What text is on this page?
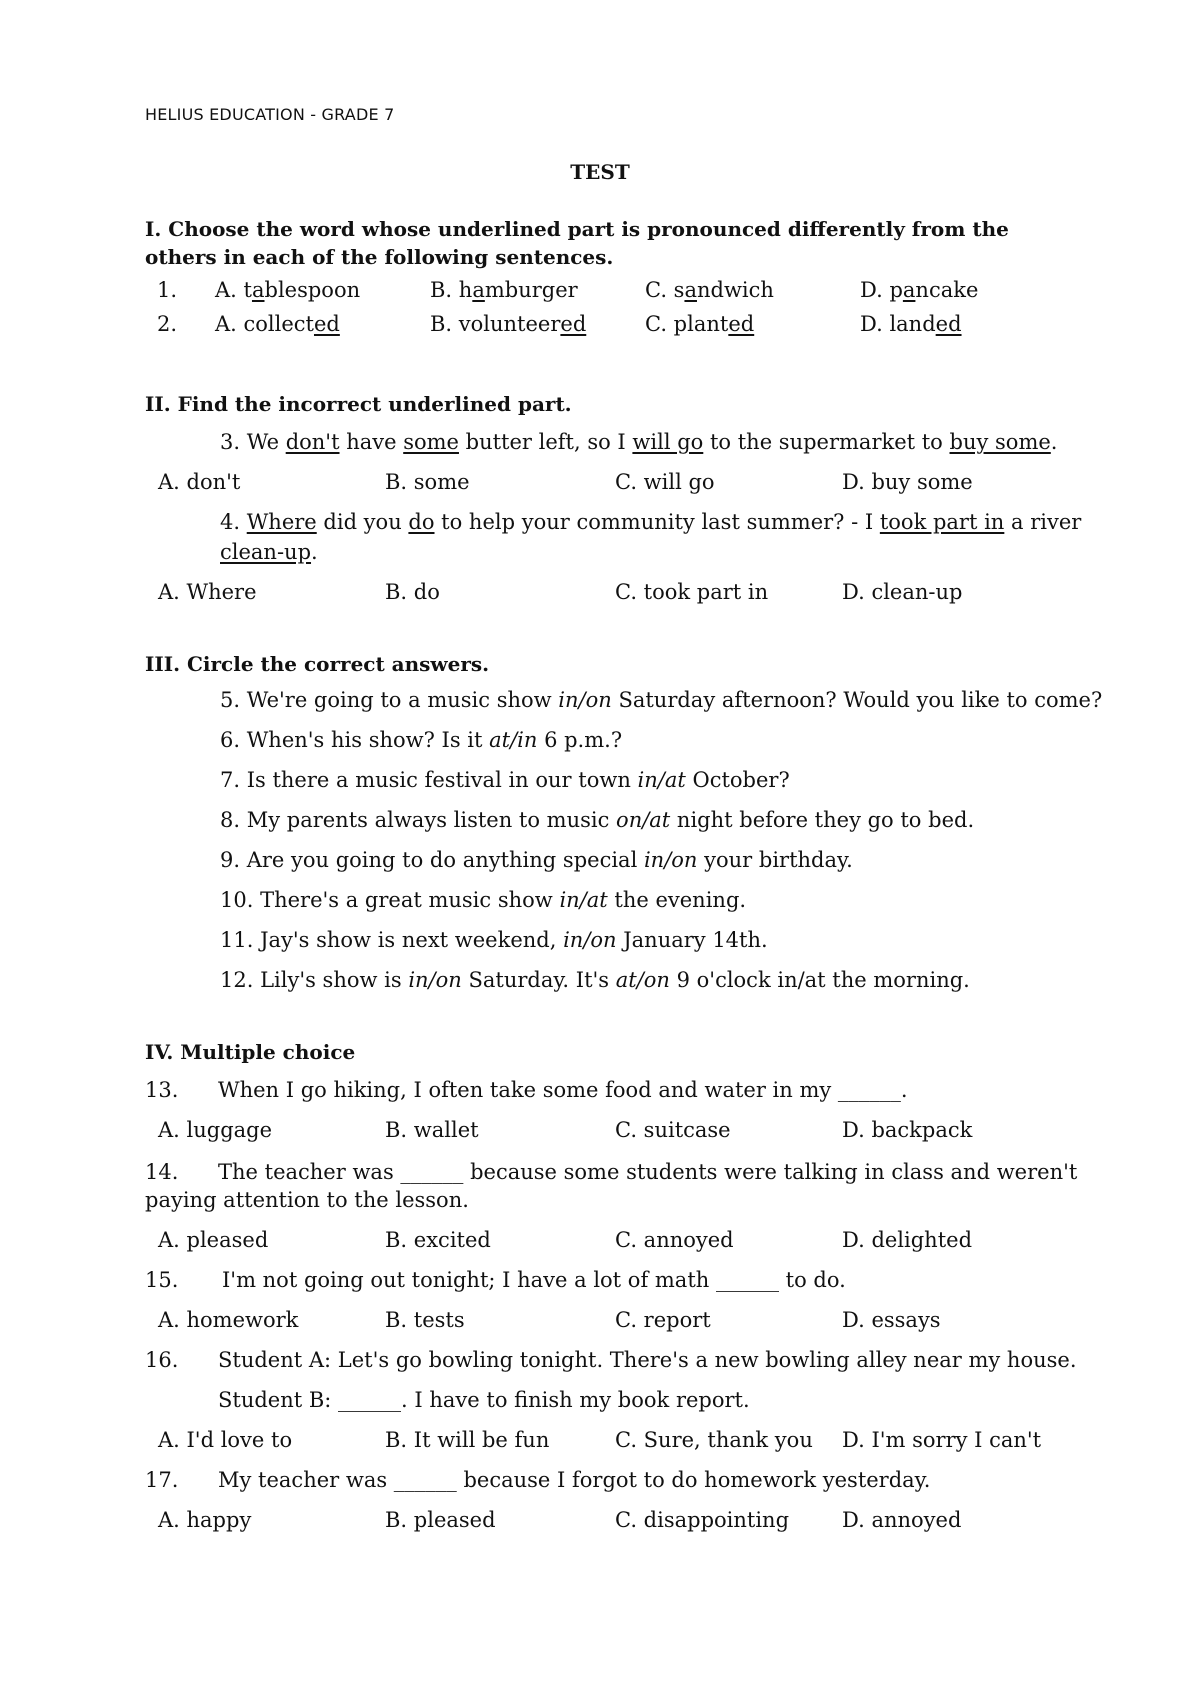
HELIUS EDUCATION - GRADE 7
TEST
I. Choose the word whose underlined part is pronounced differently from the others in each of the following sentences.
1. A. tablespoon	B. hamburger	C. sandwich	D. pancake
2. A. collected	B. volunteered	C. planted	D. landed
II. Find the incorrect underlined part.
3. We don't have some butter left, so I will go to the supermarket to buy some.
A. don't	B. some	C. will go	D. buy some
4. Where did you do to help your community last summer? - I took part in a river
clean-up.
A. Where	B. do	C. took part in	D. clean-up
III. Circle the correct answers.
5. We're going to a music show in/on Saturday afternoon? Would you like to come?
6. When's his show? Is it at/in 6 p.m.?
7. Is there a music festival in our town in/at October?
8. My parents always listen to music on/at night before they go to bed.
9. Are you going to do anything special in/on your birthday.
10. There's a great music show in/at the evening.
11. Jay's show is next weekend, in/on January 14th.
12. Lily's show is in/on Saturday. It's at/on 9 o'clock in/at the morning.
IV. Multiple choice
13. When I go hiking, I often take some food and water in my ______.
A. luggage	B. wallet	C. suitcase	D. backpack
14. The teacher was ______ because some students were talking in class and weren't
paying attention to the lesson.
A. pleased	B. excited	C. annoyed	D. delighted
15. I'm not going out tonight; I have a lot of math ______ to do.
A. homework	B. tests	C. report	D. essays
16. Student A: Let's go bowling tonight. There's a new bowling alley near my house.
Student B: ______. I have to finish my book report.
A. I'd love to	B. It will be fun	C. Sure, thank you D. I'm sorry I can't
17. My teacher was ______ because I forgot to do homework yesterday.
A. happy	B. pleased	C. disappointing	D. annoyed
